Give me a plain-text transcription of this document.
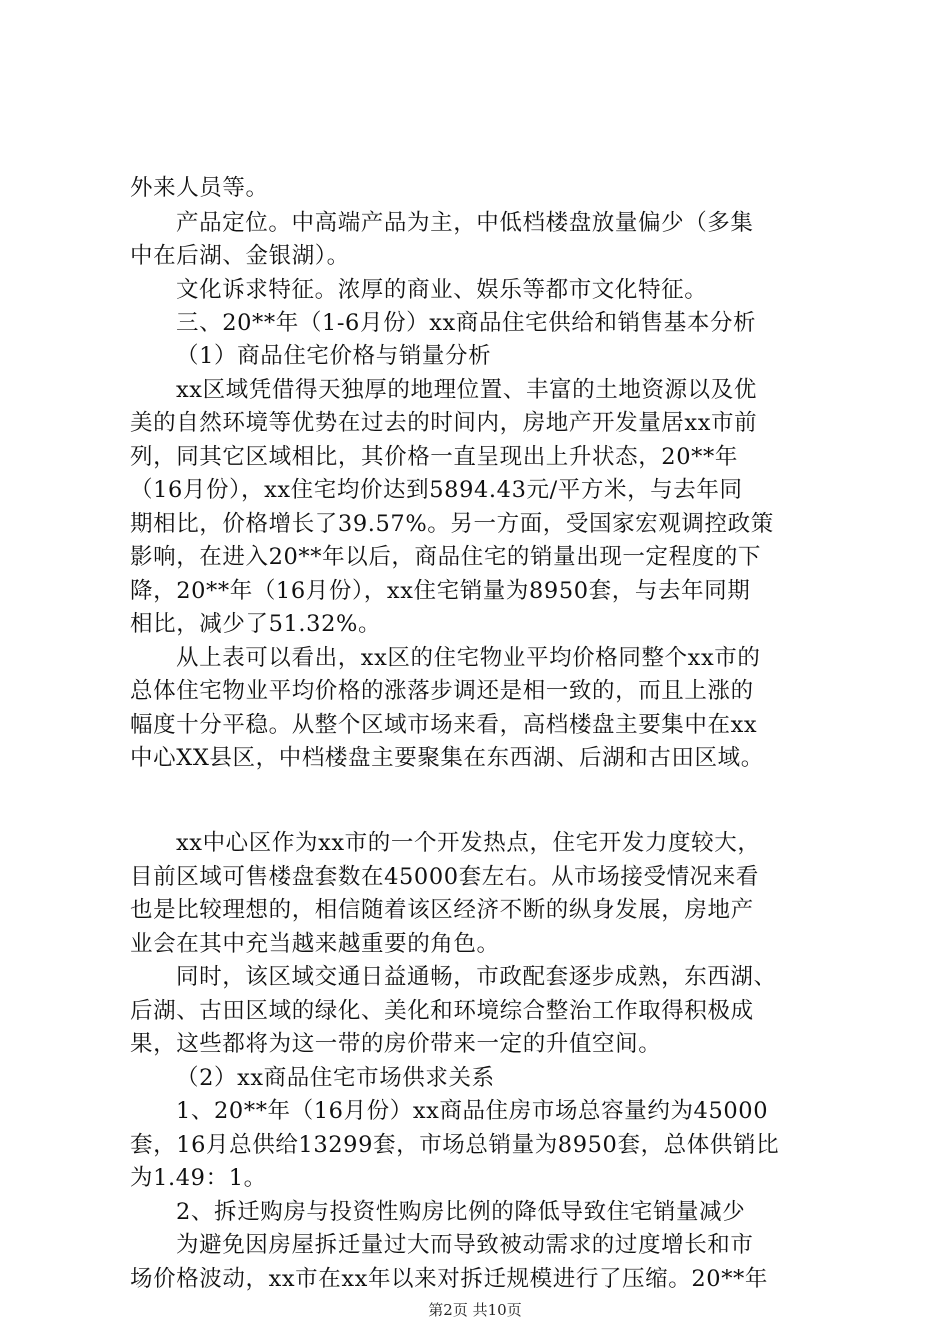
外来人员等。
产品定位。中高端产品为主，中低档楼盘放量偏少（多集
中在后湖、金银湖）。
文化诉求特征。浓厚的商业、娱乐等都市文化特征。
三、20**年（1-6月份）xx商品住宅供给和销售基本分析
（1）商品住宅价格与销量分析
xx区域凭借得天独厚的地理位置、丰富的土地资源以及优
美的自然环境等优势在过去的时间内，房地产开发量居xx市前
列，同其它区域相比，其价格一直呈现出上升状态，20**年
（16月份），xx住宅均价达到5894.43元/平方米，与去年同
期相比，价格增长了39.57%。另一方面，受国家宏观调控政策
影响，在进入20**年以后，商品住宅的销量出现一定程度的下
降，20**年（16月份），xx住宅销量为8950套，与去年同期
相比，减少了51.32%。
从上表可以看出，xx区的住宅物业平均价格同整个xx市的
总体住宅物业平均价格的涨落步调还是相一致的，而且上涨的
幅度十分平稳。从整个区域市场来看，高档楼盘主要集中在xx
中心XX县区，中档楼盘主要聚集在东西湖、后湖和古田区域。
xx中心区作为xx市的一个开发热点，住宅开发力度较大，
目前区域可售楼盘套数在45000套左右。从市场接受情况来看
也是比较理想的，相信随着该区经济不断的纵身发展，房地产
业会在其中充当越来越重要的角色。
同时，该区域交通日益通畅，市政配套逐步成熟，东西湖、
后湖、古田区域的绿化、美化和环境综合整治工作取得积极成
果，这些都将为这一带的房价带来一定的升值空间。
（2）xx商品住宅市场供求关系
1、20**年（16月份）xx商品住房市场总容量约为45000
套，16月总供给13299套，市场总销量为8950套，总体供销比
为1.49：1。
2、拆迁购房与投资性购房比例的降低导致住宅销量减少
为避免因房屋拆迁量过大而导致被动需求的过度增长和市
场价格波动，xx市在xx年以来对拆迁规模进行了压缩。20**年
第2页 共10页
